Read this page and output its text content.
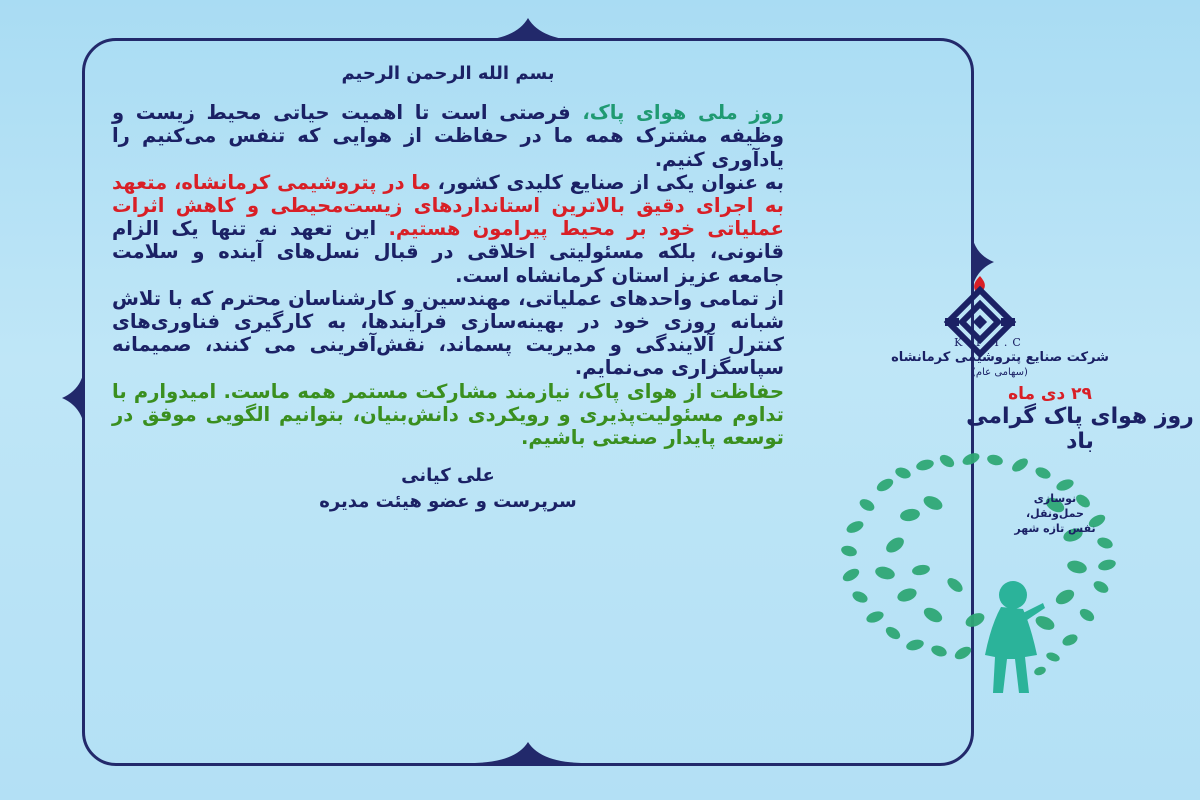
بسم الله الرحمن الرحیم

روز ملی هوای پاک، فرصتی است تا اهمیت حیاتی محیط زیست و وظیفه مشترک همه ما در حفاظت از هوایی که تنفس می‌کنیم را یادآوری کنیم.

به عنوان یکی از صنایع کلیدی کشور، ما در پتروشیمی کرمانشاه، متعهد به اجرای دقیق بالاترین استانداردهای زیست‌محیطی و کاهش اثرات عملیاتی خود بر محیط پیرامون هستیم. این تعهد نه تنها یک الزام قانونی، بلکه مسئولیتی اخلاقی در قبال نسل‌های آینده و سلامت جامعه عزیز استان کرمانشاه است.

از تمامی واحدهای عملیاتی، مهندسین و کارشناسان محترم که با تلاش شبانه روزی خود در بهینه‌سازی فرآیندها، به کارگیری فناوری‌های کنترل آلایندگی و مدیریت پسماند، نقش‌آفرینی می کنند، صمیمانه سپاسگزاری می‌نمایم.

حفاظت از هوای پاک، نیازمند مشارکت مستمر همه ماست. امیدوارم با تداوم مسئولیت‌پذیری و رویکردی دانش‌بنیان، بتوانیم الگویی موفق در توسعه پایدار صنعتی باشیم.

علی کیانی

سرپرست و عضو هیئت مدیره

K.P.I.C
شرکت صنایع پتروشیمی کرمانشاه
(سهامی عام)
۲۹ دی ماه
روز هوای پاک گرامی باد
نوسازی
حمل‌ونقل،
نفس تازه شهر
